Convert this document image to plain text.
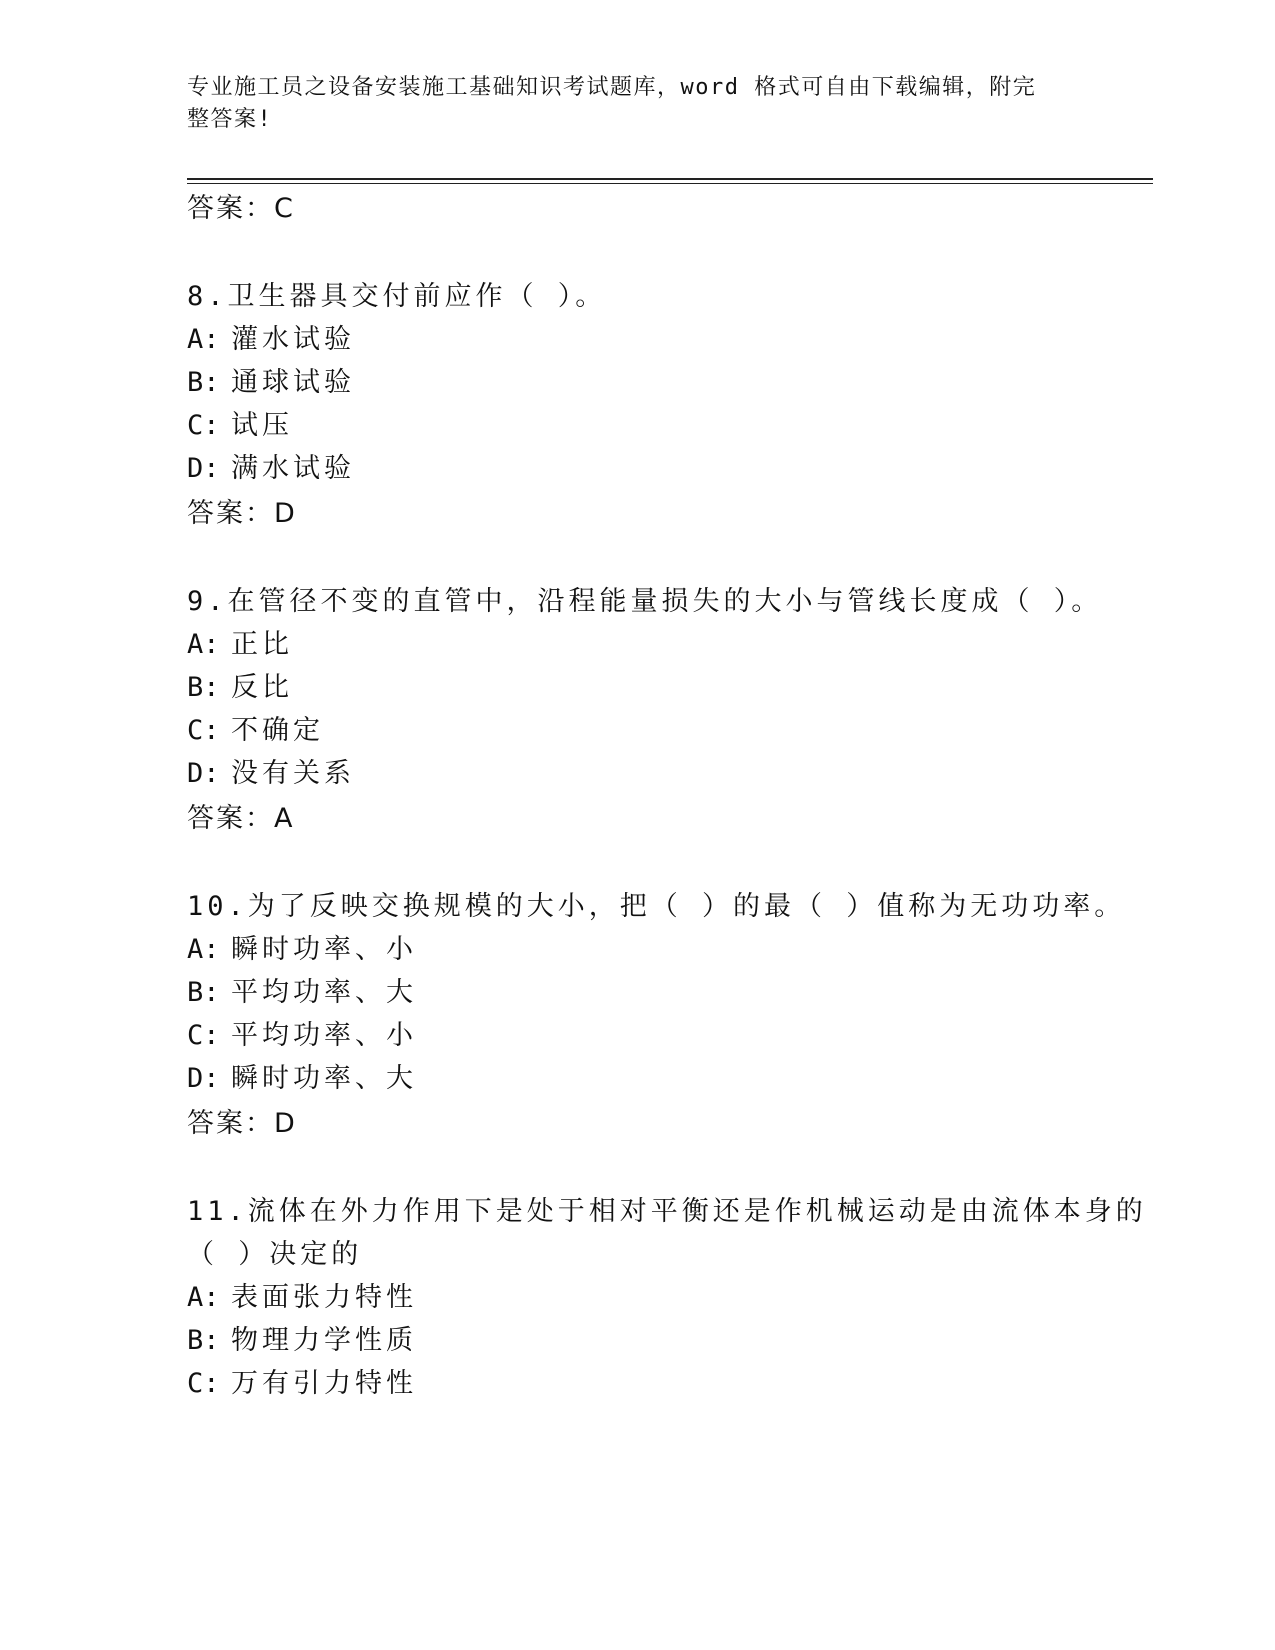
专业施工员之设备安装施工基础知识考试题库，word 格式可自由下载编辑，附完
整答案!
答案：C
8.卫生器具交付前应作（ ）。
A: 灌水试验
B: 通球试验
C: 试压
D: 满水试验
答案：D
9.在管径不变的直管中，沿程能量损失的大小与管线长度成（ ）。
A: 正比
B: 反比
C: 不确定
D: 没有关系
答案：A
10.为了反映交换规模的大小，把（ ）的最（ ）值称为无功功率。
A: 瞬时功率、小
B: 平均功率、大
C: 平均功率、小
D: 瞬时功率、大
答案：D
11.流体在外力作用下是处于相对平衡还是作机械运动是由流体本身的
（ ）决定的
A: 表面张力特性
B: 物理力学性质
C: 万有引力特性
